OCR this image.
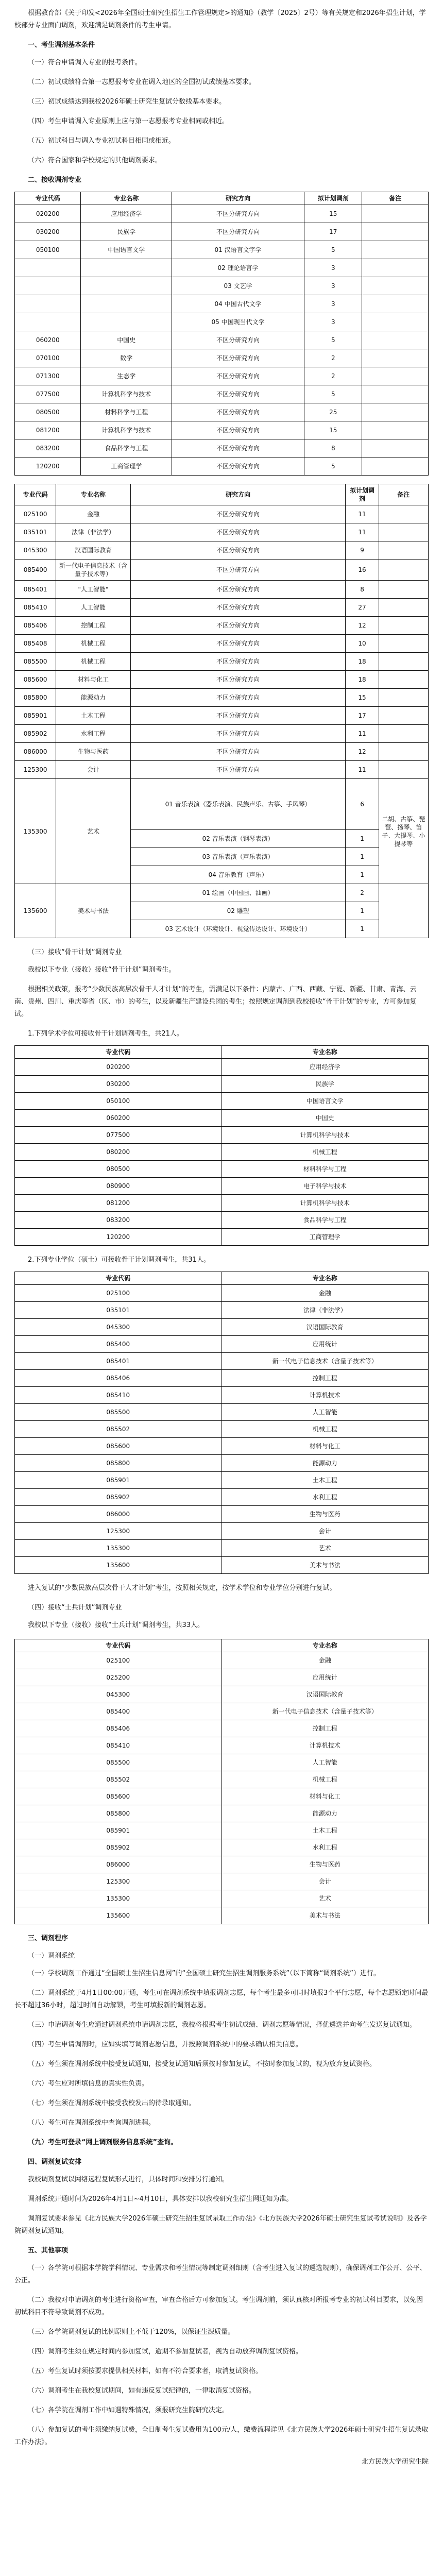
根据教育部《关于印发<2026年全国硕士研究生招生工作管理规定>的通知》（教学〔2025〕2号）等有关规定和2026年招生计划，学校部分专业面向调剂，欢迎满足调剂条件的考生申请。

一、考生调剂基本条件

（一）符合申请调入专业的报考条件。

（二）初试成绩符合第一志愿报考专业在调入地区的全国初试成绩基本要求。

（三）初试成绩达到我校2026年硕士研究生复试分数线基本要求。

（四）考生申请调入专业原则上应与第一志愿报考专业相同或相近。

（五）初试科目与调入专业初试科目相同或相近。

（六）符合国家和学校规定的其他调剂要求。

二、接收调剂专业

专业代码	专业名称	研究方向	拟计划调剂	备注
020200	应用经济学	不区分研究方向	15	
030200	民族学	不区分研究方向	17	
050100	中国语言文学	01 汉语言文字学	5	
		02 理论语言学	3	
		03 文艺学	3	
		04 中国古代文学	3	
		05 中国现当代文学	3	
060200	中国史	不区分研究方向	5	
070100	数学	不区分研究方向	2	
071300	生态学	不区分研究方向	2	
077500	计算机科学与技术	不区分研究方向	5	
080500	材料科学与工程	不区分研究方向	25	
081200	计算机科学与技术	不区分研究方向	15	
083200	食品科学与工程	不区分研究方向	8	
120200	工商管理学	不区分研究方向	5	
专业代码	专业名称	研究方向	拟计划调剂	备注
025100	金融	不区分研究方向	11	
035101	法律（非法学）	不区分研究方向	11	
045300	汉语国际教育	不区分研究方向	9	
085400	新一代电子信息技术（含量子技术等）	不区分研究方向	16	
085401	"人工智能"	不区分研究方向	8	
085410	人工智能	不区分研究方向	27	
085406	控制工程	不区分研究方向	12	
085408	机械工程	不区分研究方向	10	
085500	机械工程	不区分研究方向	18	
085600	材料与化工	不区分研究方向	18	
085800	能源动力	不区分研究方向	15	
085901	土木工程	不区分研究方向	17	
085902	水利工程	不区分研究方向	11	
086000	生物与医药	不区分研究方向	12	
125300	会计	不区分研究方向	11	
135300	艺术	01 音乐表演（器乐表演、民族声乐、古筝、手风琴）	6	二胡、古筝、琵琶、扬琴、笛子、大提琴、小提琴等
		02 音乐表演（钢琴表演）	1	
		03 音乐表演（声乐表演）	1	
		04 音乐教育（声乐）	1	
135600	美术与书法	01 绘画（中国画、油画）	2	
		02 雕塑	1	
		03 艺术设计（环境设计、视觉传达设计、环境设计）	1	

（三）接收“骨干计划”调剂专业

我校以下专业（接收）接收“骨干计划”调剂考生。

根据相关政策，报考“少数民族高层次骨干人才计划”的考生，需满足以下条件：内蒙古、广西、西藏、宁夏、新疆、甘肃、青海、云南、贵州、四川、重庆等省（区、市）的考生，以及新疆生产建设兵团的考生；按照规定调剂到我校接收“骨干计划”的专业，方可参加复试。

1.下列学术学位可接收骨干计划调剂考生，共21人。

专业代码	专业名称
020200	应用经济学
030200	民族学
050100	中国语言文学
060200	中国史
077500	计算机科学与技术
080200	机械工程
080500	材料科学与工程
080900	电子科学与技术
081200	计算机科学与技术
083200	食品科学与工程
120200	工商管理学

2.下列专业学位（硕士）可接收骨干计划调剂考生，共31人。

专业代码	专业名称
025100	金融
035101	法律（非法学）
045300	汉语国际教育
085400	应用统计
085401	新一代电子信息技术（含量子技术等）
085406	控制工程
085410	计算机技术
085500	人工智能
085502	机械工程
085600	材料与化工
085800	能源动力
085901	土木工程
085902	水利工程
086000	生物与医药
125300	会计
135300	艺术
135600	美术与书法

进入复试的“少数民族高层次骨干人才计划”考生，按照相关规定，按学术学位和专业学位分别进行复试。

（四）接收“士兵计划”调剂专业

我校以下专业（接收）接收“士兵计划”调剂考生，共33人。

专业代码	专业名称
025100	金融
025200	应用统计
045300	汉语国际教育
085400	新一代电子信息技术（含量子技术等）
085406	控制工程
085410	计算机技术
085500	人工智能
085502	机械工程
085600	材料与化工
085800	能源动力
085901	土木工程
085902	水利工程
086000	生物与医药
125300	会计
135300	艺术
135600	美术与书法

三、调剂程序

（一）调剂系统

（一）学校调剂工作通过“全国硕士生招生信息网”的“全国硕士研究生招生调剂服务系统”（以下简称“调剂系统”）进行。

（二）调剂系统于4月1日00:00开通，考生可在调剂系统中填报调剂志愿，每个考生最多可同时填报3个平行志愿，每个志愿锁定时间最长不超过36小时，超过时间自动解锁，考生可填报新的调剂志愿。

（三）申请调剂考生应通过调剂系统申请调剂志愿，我校将根据考生初试成绩、调剂志愿等情况，择优遴选并向考生发送复试通知。

（四）考生申请调剂时，应如实填写调剂志愿信息，并按照调剂系统中的要求确认相关信息。

（五）考生须在调剂系统中接受复试通知，接受复试通知后须按时参加复试，不按时参加复试的，视为放弃复试资格。

（六）考生应对所填信息的真实性负责。

（七）考生须在调剂系统中接受我校发出的待录取通知。

（八）考生可在调剂系统中查询调剂进程。

（九）考生可登录“网上调剂服务信息系统”查询。

四、调剂复试安排

我校调剂复试以网络远程复试形式进行，具体时间和安排另行通知。

调剂系统开通时间为2026年4月1日~4月10日，具体安排以我校研究生招生网通知为准。

调剂复试要求参见《北方民族大学2026年硕士研究生招生复试录取工作办法》《北方民族大学2026年硕士研究生复试考试说明》及各学院调剂复试通知。

五、其他事项

（一）各学院可根据本学院学科情况、专业需求和考生情况等制定调剂细则（含考生进入复试的遴选规则），确保调剂工作公开、公平、公正。

（二）我校对申请调剂的考生进行资格审查，审查合格后方可参加复试。考生调剂前，须认真核对所报考专业的初试科目要求，以免因初试科目不符导致调剂不成功。

（三）各学院调剂复试的比例原则上不低于120%，以保证生源质量。

（四）调剂考生须在规定时间内参加复试，逾期不参加复试者，视为自动放弃调剂复试资格。

（五）考生复试时须按要求提供相关材料，如有不符合要求者，取消复试资格。

（六）调剂考生在我校复试期间，如有违反复试纪律的，一律取消复试资格。

（七）各学院在调剂工作中如遇特殊情况，须报研究生院研究决定。

（八）参加复试的考生须缴纳复试费，全日制考生复试费用为100元/人，缴费流程详见《北方民族大学2026年硕士研究生招生复试录取工作办法》。

北方民族大学研究生院
